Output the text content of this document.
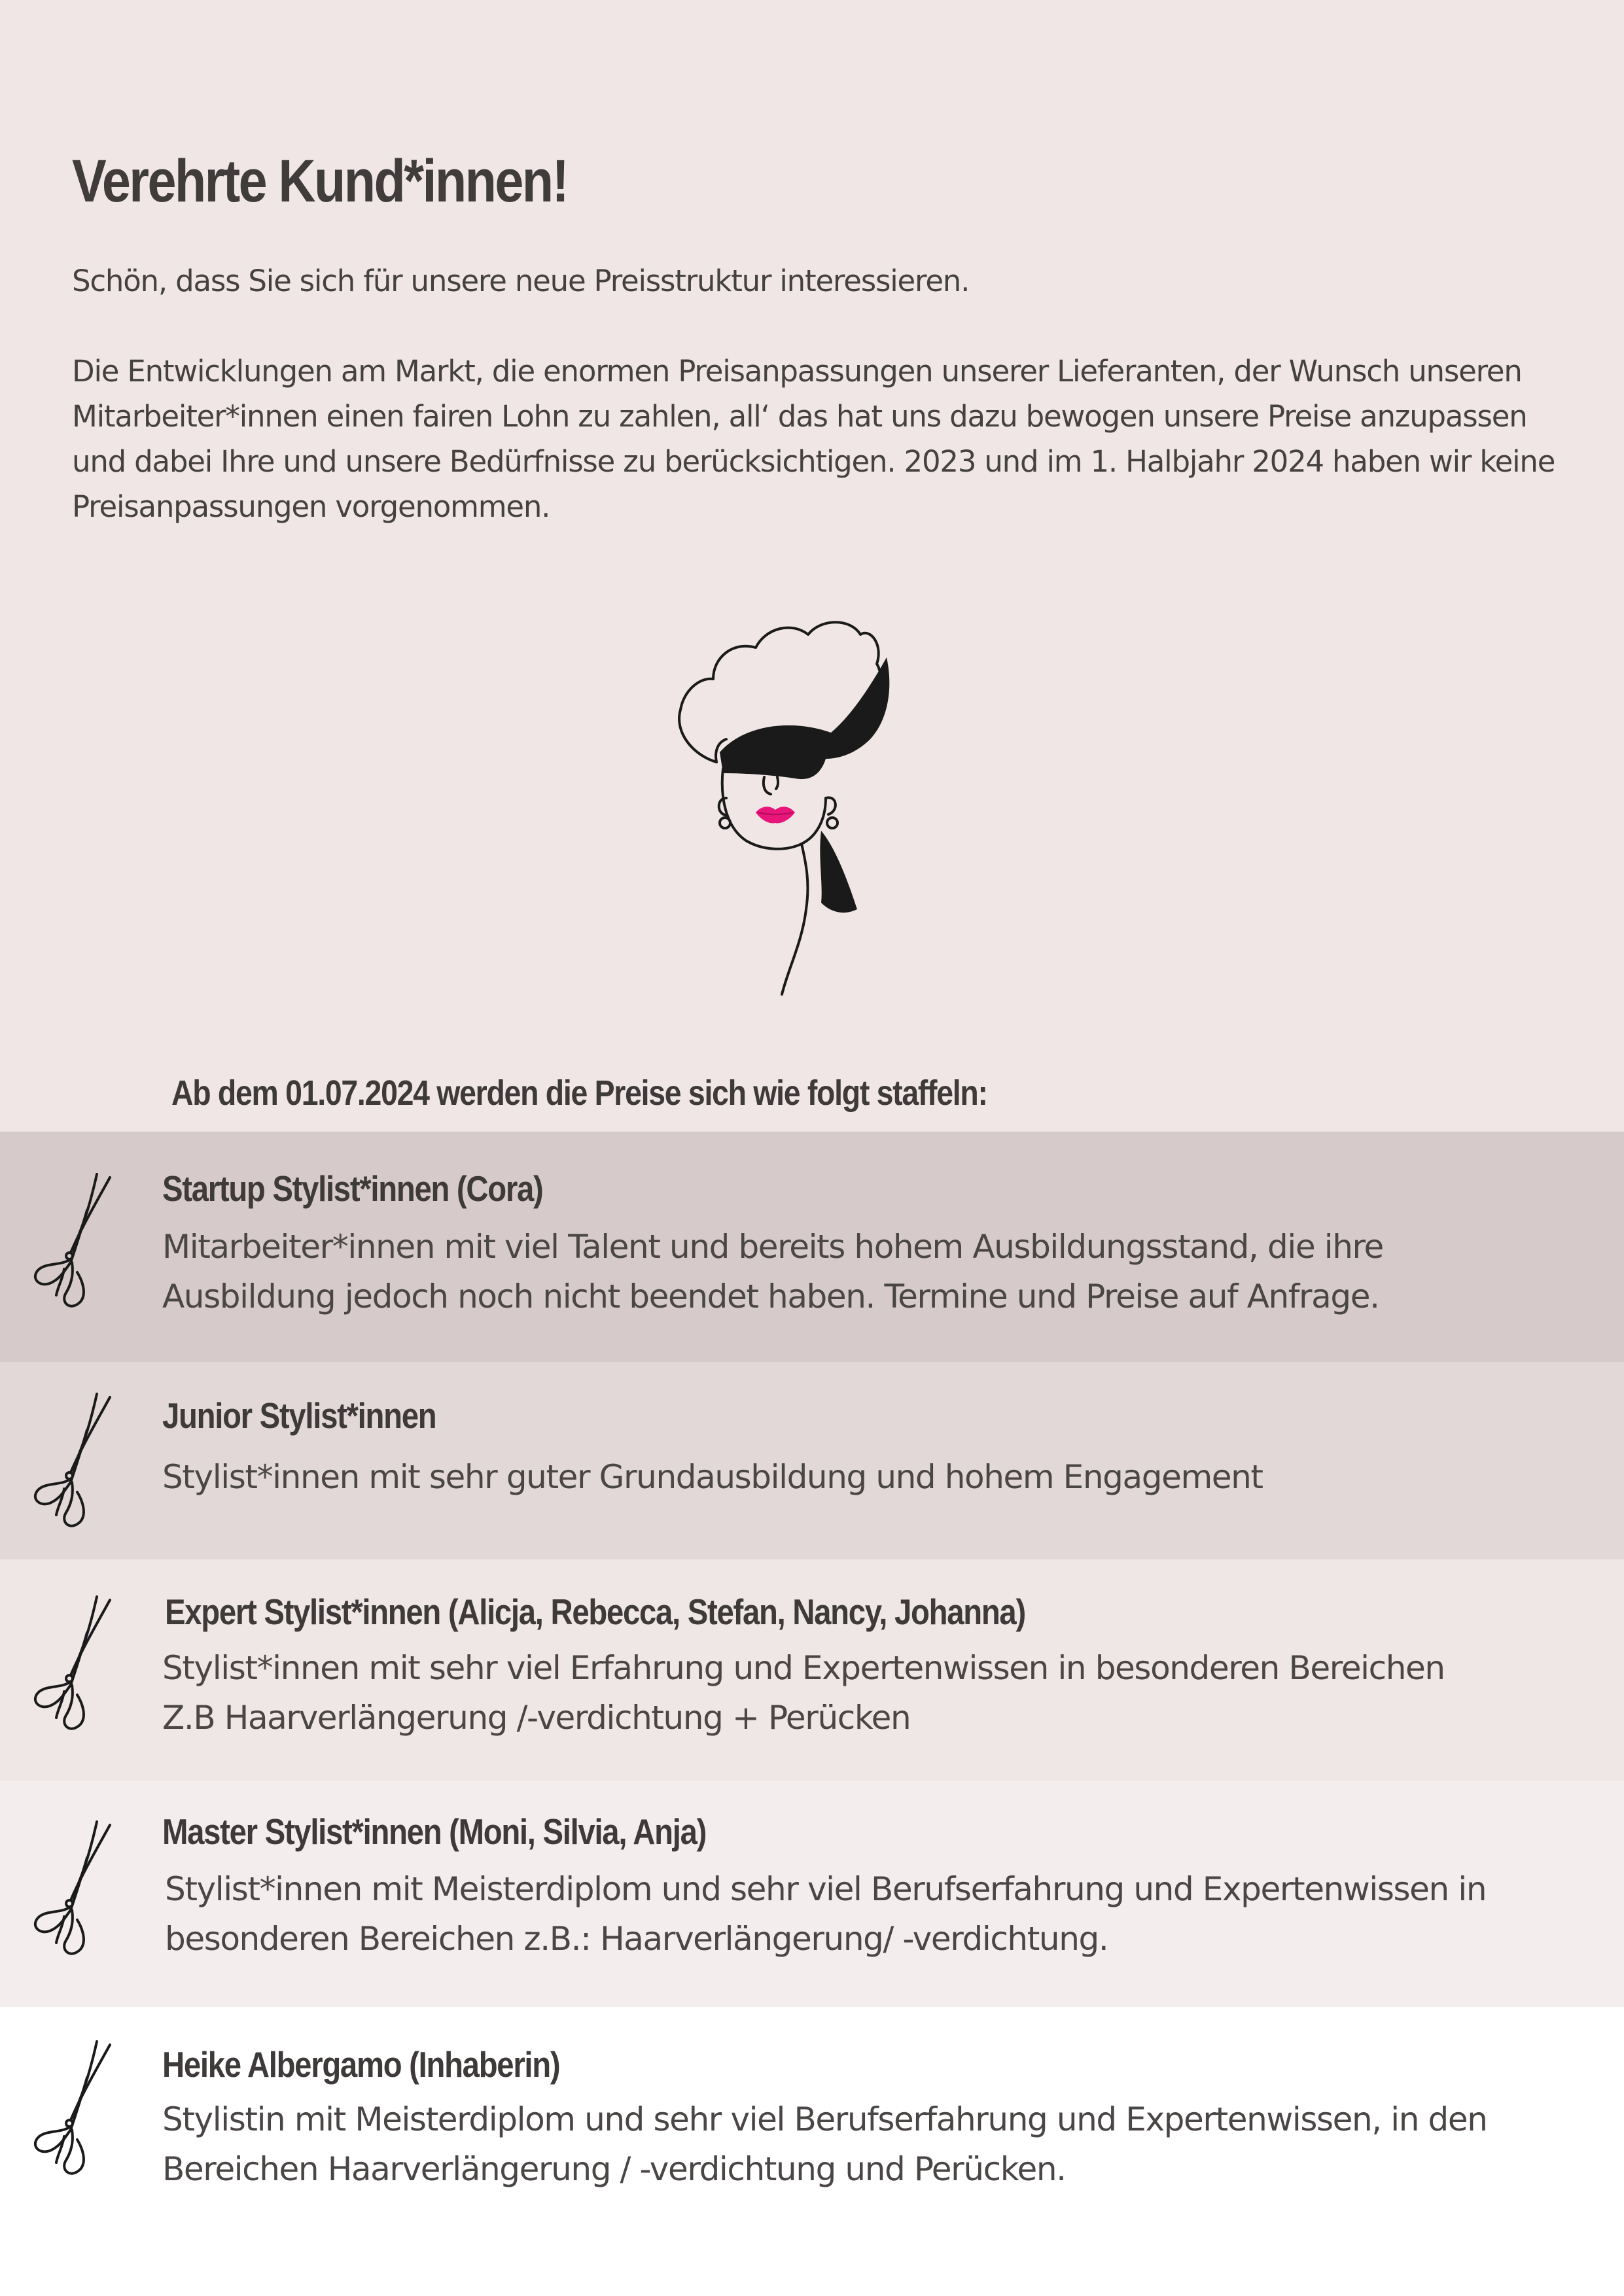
Verehrte Kund*innen!

Schön, dass Sie sich für unsere neue Preisstruktur interessieren.

Die Entwicklungen am Markt, die enormen Preisanpassungen unserer Lieferanten, der Wunsch unseren
Mitarbeiter*innen einen fairen Lohn zu zahlen, all‘ das hat uns dazu bewogen unsere Preise anzupassen
und dabei Ihre und unsere Bedürfnisse zu berücksichtigen. 2023 und im 1. Halbjahr 2024 haben wir keine
Preisanpassungen vorgenommen.

Ab dem 01.07.2024 werden die Preise sich wie folgt staffeln:
Startup Stylist*innen (Cora)
Mitarbeiter*innen mit viel Talent und bereits hohem Ausbildungsstand, die ihre
Ausbildung jedoch noch nicht beendet haben. Termine und Preise auf Anfrage.
Junior Stylist*innen
Stylist*innen mit sehr guter Grundausbildung und hohem Engagement
Expert Stylist*innen (Alicja, Rebecca, Stefan, Nancy, Johanna)
Stylist*innen mit sehr viel Erfahrung und Expertenwissen in besonderen Bereichen
Z.B Haarverlängerung /-verdichtung + Perücken
Master Stylist*innen (Moni, Silvia, Anja)
Stylist*innen mit Meisterdiplom und sehr viel Berufserfahrung und Expertenwissen in
besonderen Bereichen z.B.: Haarverlängerung/ -verdichtung.
Heike Albergamo (Inhaberin)
Stylistin mit Meisterdiplom und sehr viel Berufserfahrung und Expertenwissen, in den
Bereichen Haarverlängerung / -verdichtung und Perücken.
